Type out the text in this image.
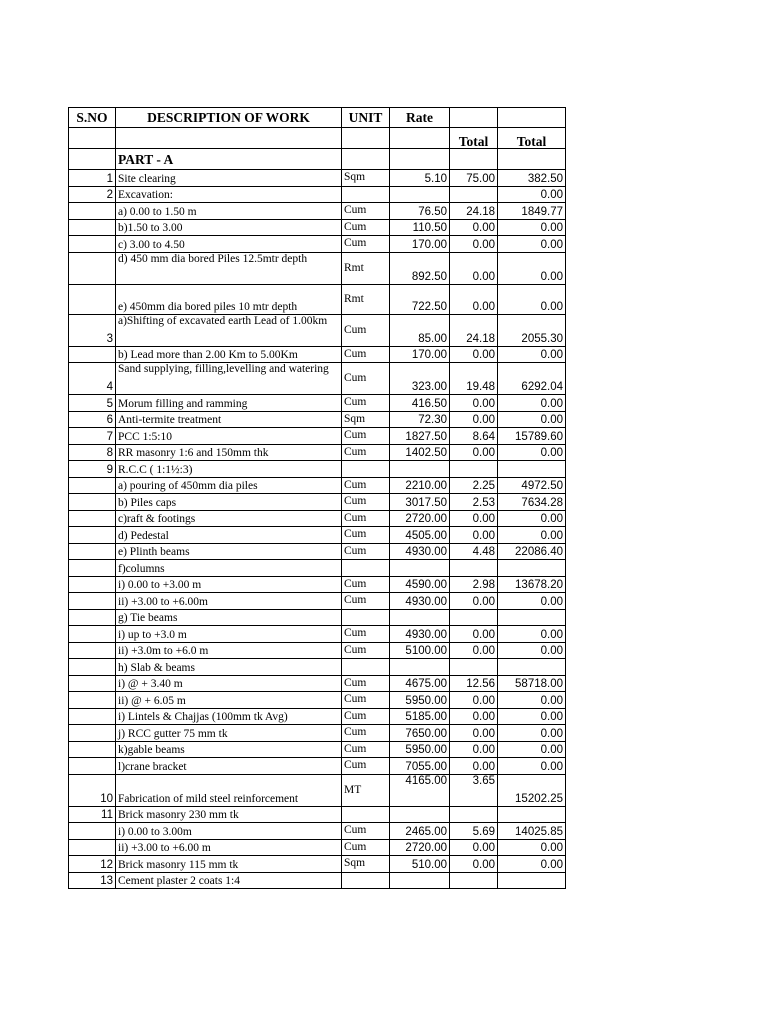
S.NO	DESCRIPTION OF WORK	UNIT	Rate		
				Total	Total
	PART - A				
1	Site clearing	Sqm	5.10	75.00	382.50
2	Excavation:				0.00
	a) 0.00 to 1.50 m	Cum	76.50	24.18	1849.77
	b)1.50 to 3.00	Cum	110.50	0.00	0.00
	c) 3.00 to 4.50	Cum	170.00	0.00	0.00
	d) 450 mm dia bored Piles 12.5mtr depth	Rmt	892.50	0.00	0.00
	e) 450mm dia bored piles 10 mtr depth	Rmt	722.50	0.00	0.00
3	a)Shifting of excavated earth Lead of 1.00km	Cum	85.00	24.18	2055.30
	b) Lead more than 2.00 Km to 5.00Km	Cum	170.00	0.00	0.00
4	Sand supplying, filling,levelling and watering	Cum	323.00	19.48	6292.04
5	Morum filling and ramming	Cum	416.50	0.00	0.00
6	Anti-termite treatment	Sqm	72.30	0.00	0.00
7	PCC 1:5:10	Cum	1827.50	8.64	15789.60
8	RR masonry 1:6 and 150mm thk	Cum	1402.50	0.00	0.00
9	R.C.C ( 1:1½:3)				
	a) pouring of 450mm dia piles	Cum	2210.00	2.25	4972.50
	b) Piles caps	Cum	3017.50	2.53	7634.28
	c)raft & footings	Cum	2720.00	0.00	0.00
	d) Pedestal	Cum	4505.00	0.00	0.00
	e) Plinth beams	Cum	4930.00	4.48	22086.40
	f)columns				
	i) 0.00 to +3.00 m	Cum	4590.00	2.98	13678.20
	ii) +3.00 to +6.00m	Cum	4930.00	0.00	0.00
	g) Tie beams				
	i) up to +3.0 m	Cum	4930.00	0.00	0.00
	ii) +3.0m to +6.0 m	Cum	5100.00	0.00	0.00
	h) Slab & beams				
	i) @ + 3.40 m	Cum	4675.00	12.56	58718.00
	ii) @ + 6.05 m	Cum	5950.00	0.00	0.00
	i) Lintels & Chajjas (100mm tk Avg)	Cum	5185.00	0.00	0.00
	j) RCC gutter 75 mm tk	Cum	7650.00	0.00	0.00
	k)gable beams	Cum	5950.00	0.00	0.00
	l)crane bracket	Cum	7055.00	0.00	0.00
10	Fabrication of mild steel reinforcement	MT	4165.00	3.65	15202.25
11	Brick masonry 230 mm tk				
	i) 0.00 to 3.00m	Cum	2465.00	5.69	14025.85
	ii) +3.00 to +6.00 m	Cum	2720.00	0.00	0.00
12	Brick masonry 115 mm tk	Sqm	510.00	0.00	0.00
13	Cement plaster 2 coats 1:4				
